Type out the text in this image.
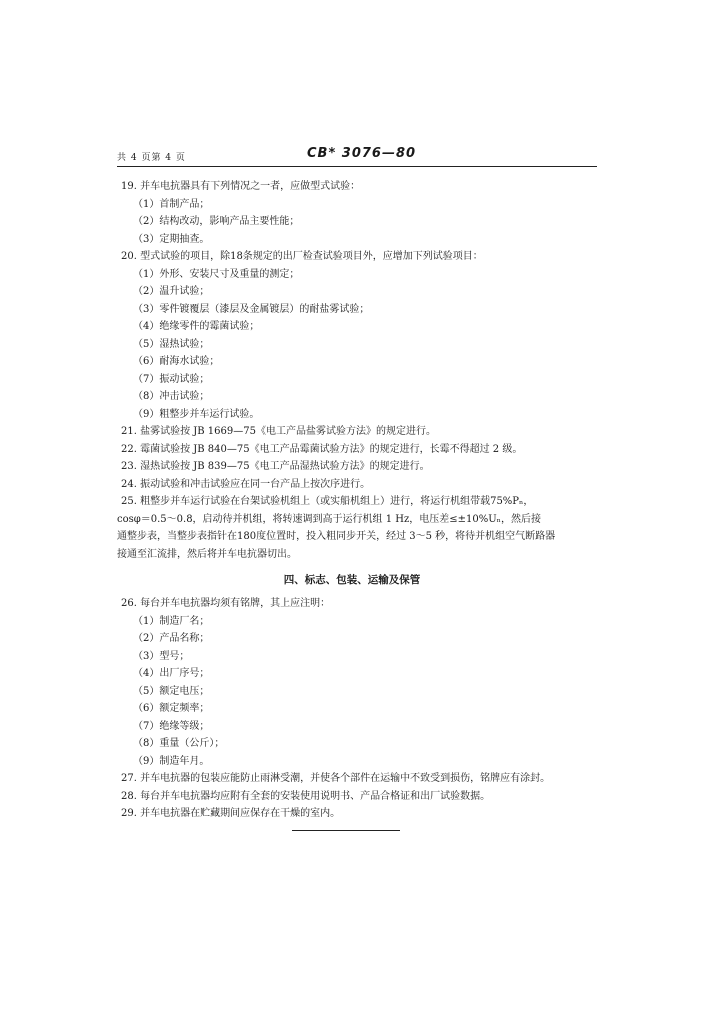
共 4 页第 4 页	CB* 3076—80
19. 并车电抗器具有下列情况之一者，应做型式试验：
（1）首制产品；
（2）结构改动，影响产品主要性能；
（3）定期抽查。
20. 型式试验的项目，除18条规定的出厂检查试验项目外，应增加下列试验项目：
（1）外形、安装尺寸及重量的测定；
（2）温升试验；
（3）零件镀覆层（漆层及金属镀层）的耐盐雾试验；
（4）绝缘零件的霉菌试验；
（5）湿热试验；
（6）耐海水试验；
（7）振动试验；
（8）冲击试验；
（9）粗整步并车运行试验。
21. 盐雾试验按 JB 1669—75《电工产品盐雾试验方法》的规定进行。
22. 霉菌试验按 JB 840—75《电工产品霉菌试验方法》的规定进行，长霉不得超过 2 级。
23. 湿热试验按 JB 839—75《电工产品湿热试验方法》的规定进行。
24. 振动试验和冲击试验应在同一台产品上按次序进行。
25. 粗整步并车运行试验在台架试验机组上（或实船机组上）进行，将运行机组带载75%Pₙ，
cosφ＝0.5～0.8，启动待并机组，将转速调到高于运行机组 1 Hz，电压差≤±10%Uₙ，然后接
通整步表，当整步表指针在180度位置时，投入粗同步开关，经过 3～5 秒，将待并机组空气断路器
接通至汇流排，然后将并车电抗器切出。
四、标志、包装、运输及保管
26. 每台并车电抗器均须有铭牌，其上应注明：
（1）制造厂名；
（2）产品名称；
（3）型号；
（4）出厂序号；
（5）额定电压；
（6）额定频率；
（7）绝缘等级；
（8）重量（公斤）；
（9）制造年月。
27. 并车电抗器的包装应能防止雨淋受潮，并使各个部件在运输中不致受到损伤，铭牌应有涂封。
28. 每台并车电抗器均应附有全套的安装使用说明书、产品合格证和出厂试验数据。
29. 并车电抗器在贮藏期间应保存在干燥的室内。
